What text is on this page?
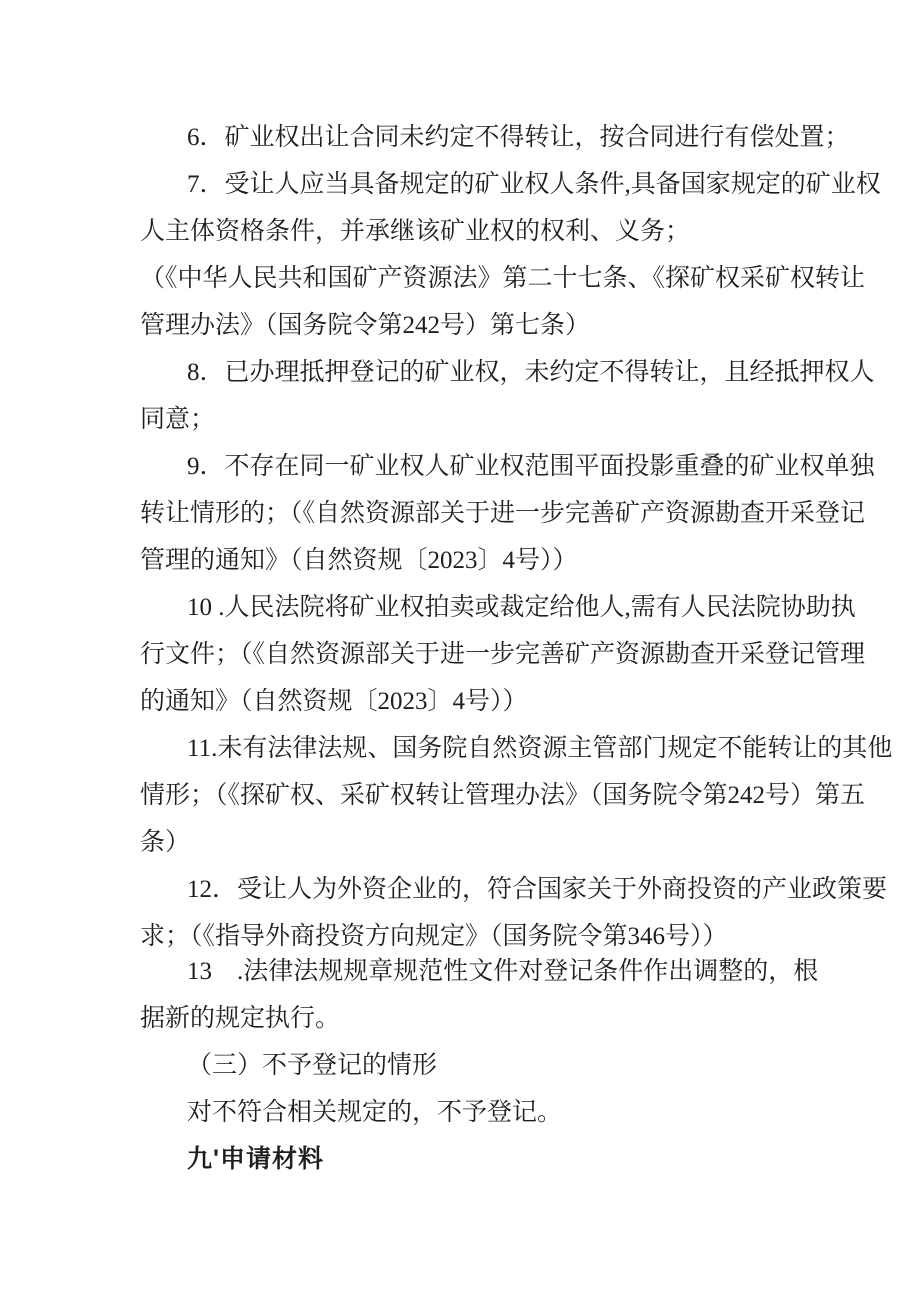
6．矿业权出让合同未约定不得转让，按合同进行有偿处置；
7．受让人应当具备规定的矿业权人条件,具备国家规定的矿业权
人主体资格条件，并承继该矿业权的权利、义务；
（《中华人民共和国矿产资源法》第二十七条、《探矿权采矿权转让
管理办法》（国务院令第242号）第七条）
8．已办理抵押登记的矿业权，未约定不得转让，且经抵押权人
同意；
9．不存在同一矿业权人矿业权范围平面投影重叠的矿业权单独
转让情形的；（《自然资源部关于进一步完善矿产资源勘查开采登记
管理的通知》（自然资规〔2023〕4号））
10 .人民法院将矿业权拍卖或裁定给他人,需有人民法院协助执
行文件；（《自然资源部关于进一步完善矿产资源勘查开采登记管理
的通知》（自然资规〔2023〕4号））
11.未有法律法规、国务院自然资源主管部门规定不能转让的其他
情形；（《探矿权、采矿权转让管理办法》（国务院令第242号）第五
条）
12．受让人为外资企业的，符合国家关于外商投资的产业政策要
求；（《指导外商投资方向规定》（国务院令第346号））
13　.法律法规规章规范性文件对登记条件作出调整的，根
据新的规定执行。
（三）不予登记的情形
对不符合相关规定的，不予登记。
九'申请材料
